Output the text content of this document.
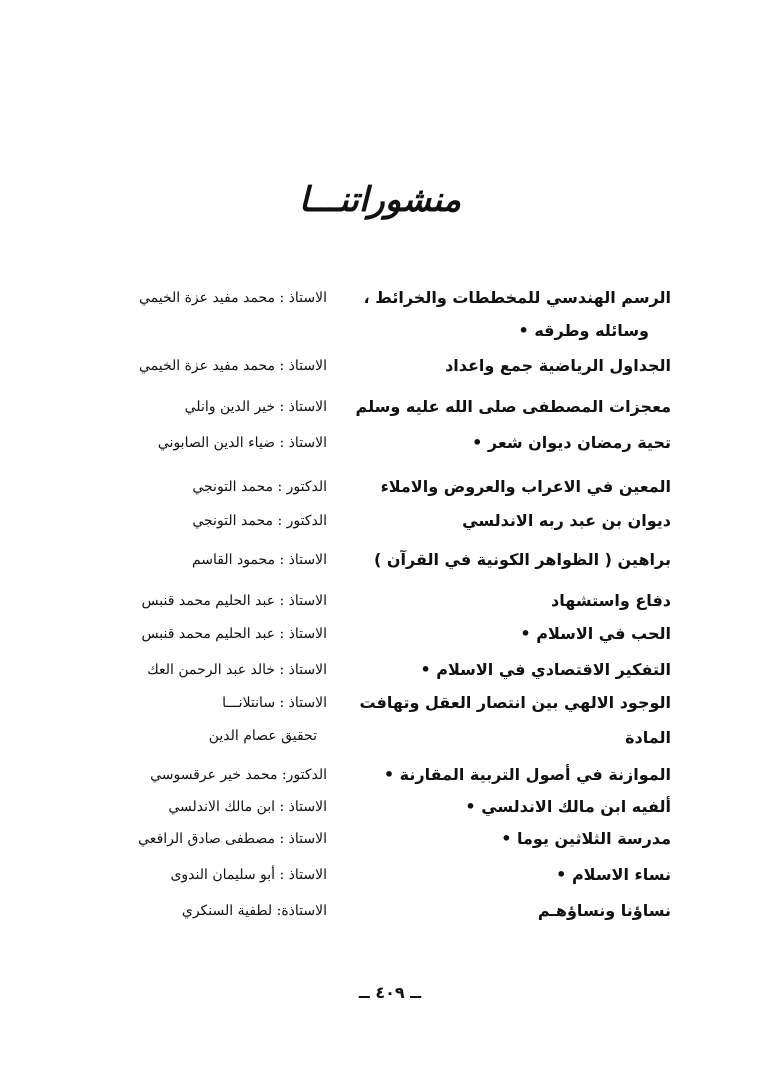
منشوراتنـــا
الرسم الهندسي للمخططات والخرائط ،
الاستاذ : محمد مفيد عزة الخيمي
وسائله وطرقه •
الجداول الرياضية جمع واعداد
الاستاذ : محمد مفيد عزة الخيمي
معجزات المصطفى صلى الله عليه وسلم
الاستاذ : خير الدين وانلي
تحية رمضان ديوان شعر •
الاستاذ : ضياء الدين الصابوني
المعين في الاعراب والعروض والاملاء
الدكتور : محمد التونجي
ديوان بن عبد ربه الاندلسي
الدكتور : محمد التونجي
براهين ( الظواهر الكونية في القرآن )
الاستاذ : محمود القاسم
دفاع واستشهاد
الاستاذ : عبد الحليم محمد قنبس
الحب في الاسلام •
الاستاذ : عبد الحليم محمد قنبس
التفكير الاقتصادي في الاسلام •
الاستاذ : خالد عبد الرحمن العك
الوجود الالهي بين انتصار العقل وتهافت
الاستاذ : سانتلانـــا
المادة
تحقيق عصام الدين
الموازنة في أصول التربية المقارنة •
الدكتور: محمد خير عرقسوسي
ألفيه ابن مالك الاندلسي •
الاستاذ : ابن مالك الاندلسي
مدرسة الثلاثين يوما •
الاستاذ : مصطفى صادق الرافعي
نساء الاسلام •
الاستاذ : أبو سليمان الندوى
نساؤنا ونساؤهـم
الاستاذة: لطفية السنكري
ــ ٤٠٩ ــ
